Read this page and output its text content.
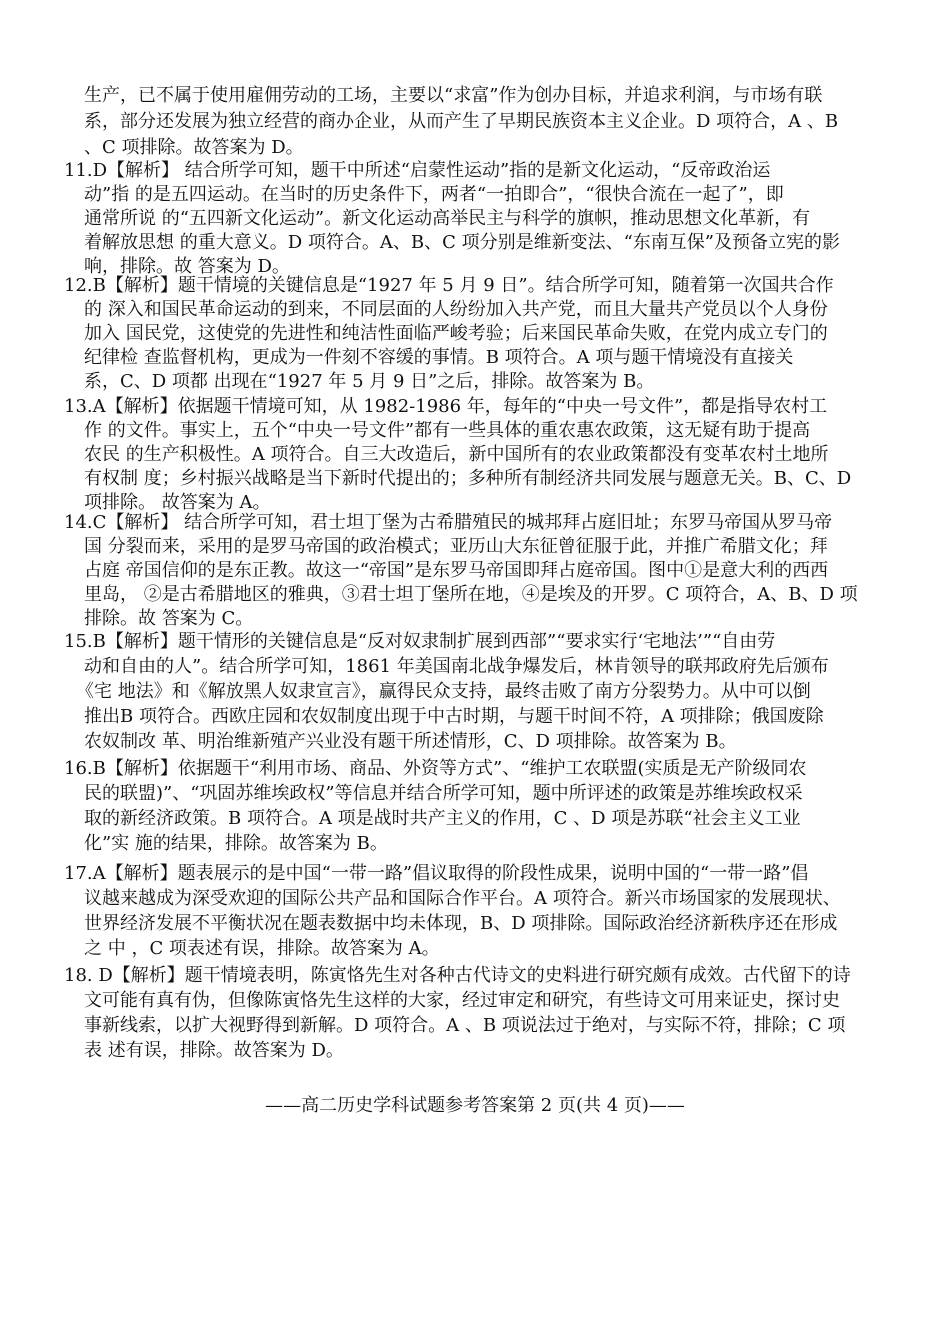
生产，已不属于使用雇佣劳动的工场，主要以“求富”作为创办目标，并追求利润，与市场有联
系，部分还发展为独立经营的商办企业，从而产生了早期民族资本主义企业。D 项符合，A 、B
、C 项排除。故答案为 D。
11.D【解析】 结合所学可知，题干中所述“启蒙性运动”指的是新文化运动，“反帝政治运
动”指 的是五四运动。在当时的历史条件下，两者“一拍即合”，“很快合流在一起了”，即
通常所说 的“五四新文化运动”。新文化运动高举民主与科学的旗帜，推动思想文化革新，有
着解放思想 的重大意义。D 项符合。A、B、C 项分别是维新变法、“东南互保”及预备立宪的影
响，排除。故 答案为 D。
12.B【解析】题干情境的关键信息是“1927 年 5 月 9 日”。结合所学可知，随着第一次国共合作
的 深入和国民革命运动的到来，不同层面的人纷纷加入共产党，而且大量共产党员以个人身份
加入 国民党，这使党的先进性和纯洁性面临严峻考验；后来国民革命失败，在党内成立专门的
纪律检 查监督机构，更成为一件刻不容缓的事情。B 项符合。A 项与题干情境没有直接关
系，C、D 项都 出现在“1927 年 5 月 9 日”之后，排除。故答案为 B。
13.A【解析】依据题干情境可知，从 1982-1986 年，每年的“中央一号文件”，都是指导农村工
作 的文件。事实上，五个“中央一号文件”都有一些具体的重农惠农政策，这无疑有助于提高
农民 的生产积极性。A 项符合。自三大改造后，新中国所有的农业政策都没有变革农村土地所
有权制 度；乡村振兴战略是当下新时代提出的；多种所有制经济共同发展与题意无关。B、C、D
项排除。 故答案为 A。
14.C【解析】 结合所学可知，君士坦丁堡为古希腊殖民的城邦拜占庭旧址；东罗马帝国从罗马帝
国 分裂而来，采用的是罗马帝国的政治模式；亚历山大东征曾征服于此，并推广希腊文化；拜
占庭 帝国信仰的是东正教。故这一“帝国”是东罗马帝国即拜占庭帝国。图中①是意大利的西西
里岛， ②是古希腊地区的雅典，③君士坦丁堡所在地，④是埃及的开罗。C 项符合，A、B、D 项
排除。故 答案为 C。
15.B【解析】题干情形的关键信息是“反对奴隶制扩展到西部”“要求实行‘宅地法’”“自由劳
动和自由的人”。结合所学可知，1861 年美国南北战争爆发后，林肯领导的联邦政府先后颁布
《宅 地法》和《解放黑人奴隶宣言》，赢得民众支持，最终击败了南方分裂势力。从中可以倒
推出B 项符合。西欧庄园和农奴制度出现于中古时期，与题干时间不符，A 项排除；俄国废除
农奴制改 革、明治维新殖产兴业没有题干所述情形，C、D 项排除。故答案为 B。
16.B【解析】依据题干“利用市场、商品、外资等方式”、“维护工农联盟(实质是无产阶级同农
民的联盟)”、“巩固苏维埃政权”等信息并结合所学可知，题中所评述的政策是苏维埃政权采
取的新经济政策。B 项符合。A 项是战时共产主义的作用，C 、D 项是苏联“社会主义工业
化”实 施的结果，排除。故答案为 B。
17.A【解析】题表展示的是中国“一带一路”倡议取得的阶段性成果，说明中国的“一带一路”倡
议越来越成为深受欢迎的国际公共产品和国际合作平台。A 项符合。新兴市场国家的发展现状、
世界经济发展不平衡状况在题表数据中均未体现，B、D 项排除。国际政治经济新秩序还在形成
之 中 ，C 项表述有误，排除。故答案为 A。
18. D【解析】题干情境表明，陈寅恪先生对各种古代诗文的史料进行研究颇有成效。古代留下的诗
文可能有真有伪，但像陈寅恪先生这样的大家，经过审定和研究，有些诗文可用来证史，探讨史
事新线索，以扩大视野得到新解。D 项符合。A 、B 项说法过于绝对，与实际不符，排除；C 项
表 述有误，排除。故答案为 D。
——高二历史学科试题参考答案第 2 页(共 4 页)——
